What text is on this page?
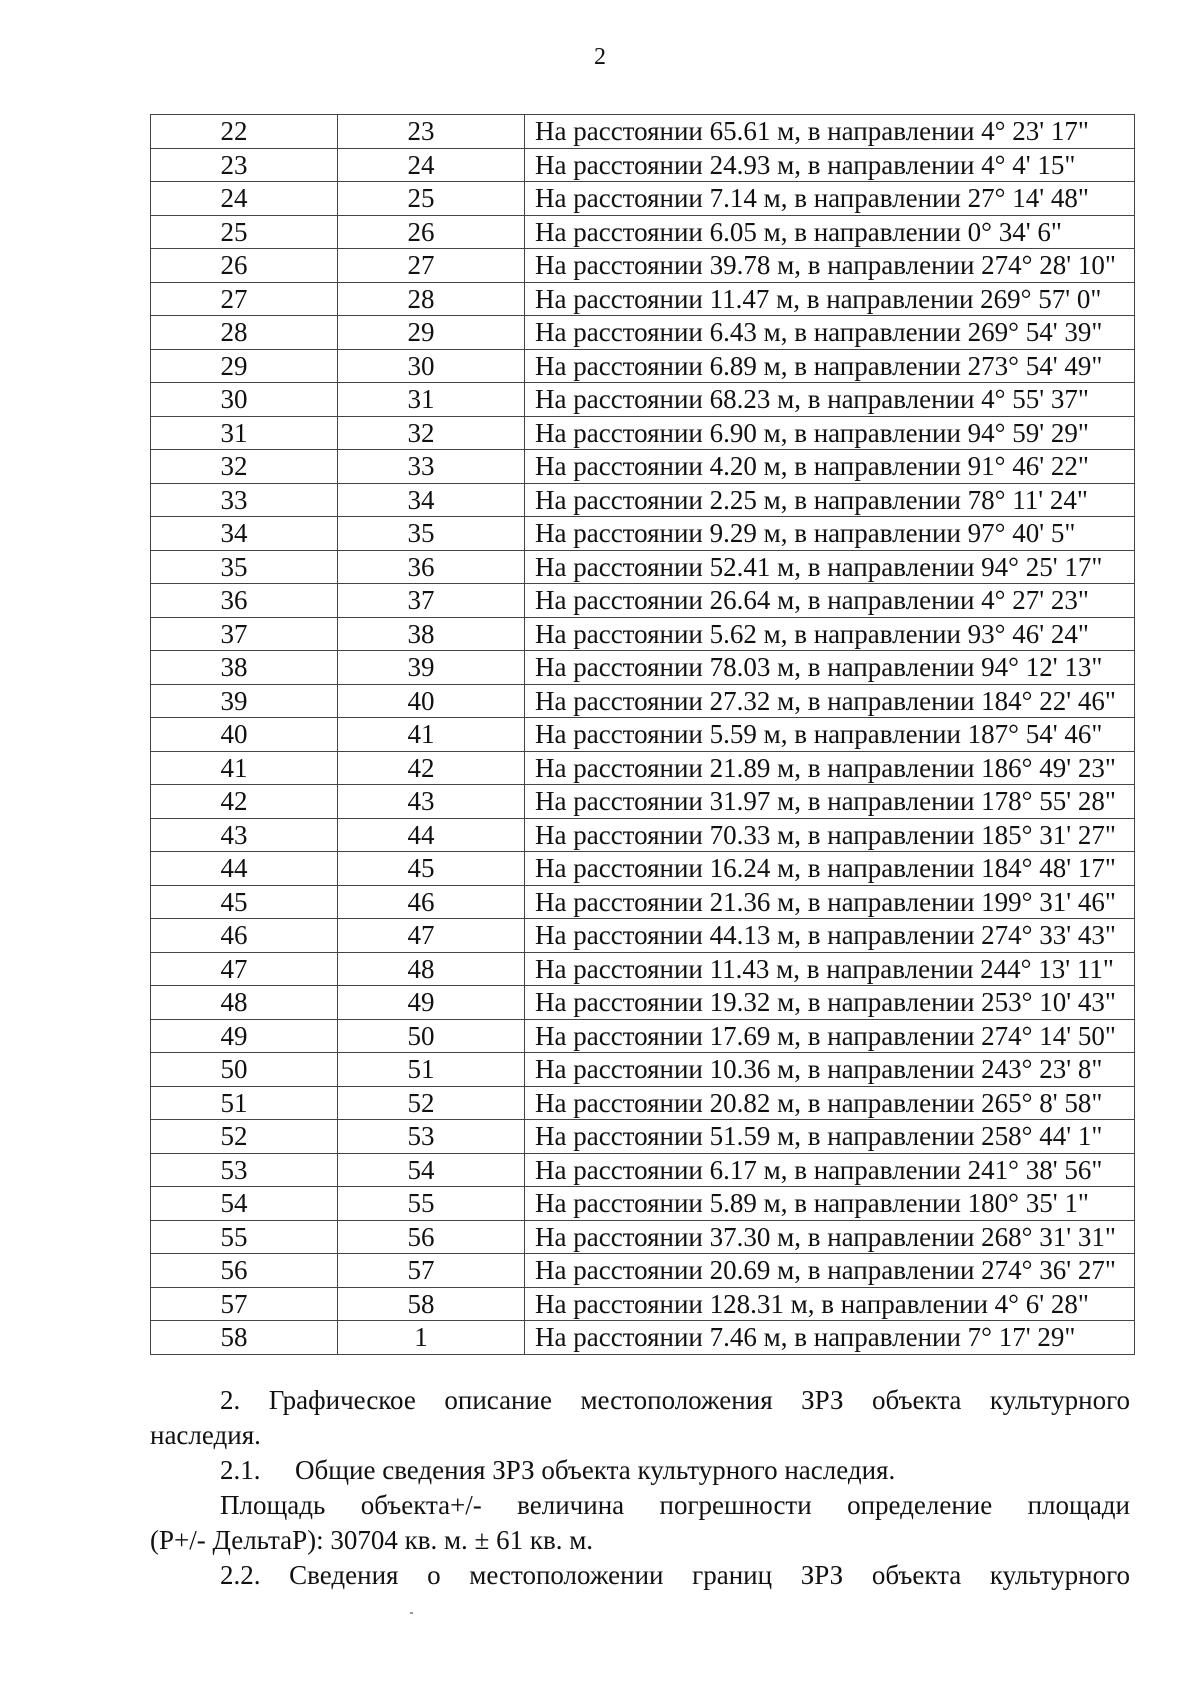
2
22	23	На расстоянии 65.61 м, в направлении 4° 23' 17"
23	24	На расстоянии 24.93 м, в направлении 4° 4' 15"
24	25	На расстоянии 7.14 м, в направлении 27° 14' 48"
25	26	На расстоянии 6.05 м, в направлении 0° 34' 6"
26	27	На расстоянии 39.78 м, в направлении 274° 28' 10"
27	28	На расстоянии 11.47 м, в направлении 269° 57' 0"
28	29	На расстоянии 6.43 м, в направлении 269° 54' 39"
29	30	На расстоянии 6.89 м, в направлении 273° 54' 49"
30	31	На расстоянии 68.23 м, в направлении 4° 55' 37"
31	32	На расстоянии 6.90 м, в направлении 94° 59' 29"
32	33	На расстоянии 4.20 м, в направлении 91° 46' 22"
33	34	На расстоянии 2.25 м, в направлении 78° 11' 24"
34	35	На расстоянии 9.29 м, в направлении 97° 40' 5"
35	36	На расстоянии 52.41 м, в направлении 94° 25' 17"
36	37	На расстоянии 26.64 м, в направлении 4° 27' 23"
37	38	На расстоянии 5.62 м, в направлении 93° 46' 24"
38	39	На расстоянии 78.03 м, в направлении 94° 12' 13"
39	40	На расстоянии 27.32 м, в направлении 184° 22' 46"
40	41	На расстоянии 5.59 м, в направлении 187° 54' 46"
41	42	На расстоянии 21.89 м, в направлении 186° 49' 23"
42	43	На расстоянии 31.97 м, в направлении 178° 55' 28"
43	44	На расстоянии 70.33 м, в направлении 185° 31' 27"
44	45	На расстоянии 16.24 м, в направлении 184° 48' 17"
45	46	На расстоянии 21.36 м, в направлении 199° 31' 46"
46	47	На расстоянии 44.13 м, в направлении 274° 33' 43"
47	48	На расстоянии 11.43 м, в направлении 244° 13' 11"
48	49	На расстоянии 19.32 м, в направлении 253° 10' 43"
49	50	На расстоянии 17.69 м, в направлении 274° 14' 50"
50	51	На расстоянии 10.36 м, в направлении 243° 23' 8"
51	52	На расстоянии 20.82 м, в направлении 265° 8' 58"
52	53	На расстоянии 51.59 м, в направлении 258° 44' 1"
53	54	На расстоянии 6.17 м, в направлении 241° 38' 56"
54	55	На расстоянии 5.89 м, в направлении 180° 35' 1"
55	56	На расстоянии 37.30 м, в направлении 268° 31' 31"
56	57	На расстоянии 20.69 м, в направлении 274° 36' 27"
57	58	На расстоянии 128.31 м, в направлении 4° 6' 28"
58	1	На расстоянии 7.46 м, в направлении 7° 17' 29"

2. Графическое описание местоположения ЗРЗ объекта культурного

наследия.

2.1. Общие сведения ЗРЗ объекта культурного наследия.

Площадь объекта+/- величина погрешности определение площади

(Р+/- ДельтаР): 30704 кв. м. ± 61 кв. м.

2.2. Сведения о местоположении границ ЗРЗ объекта культурного
